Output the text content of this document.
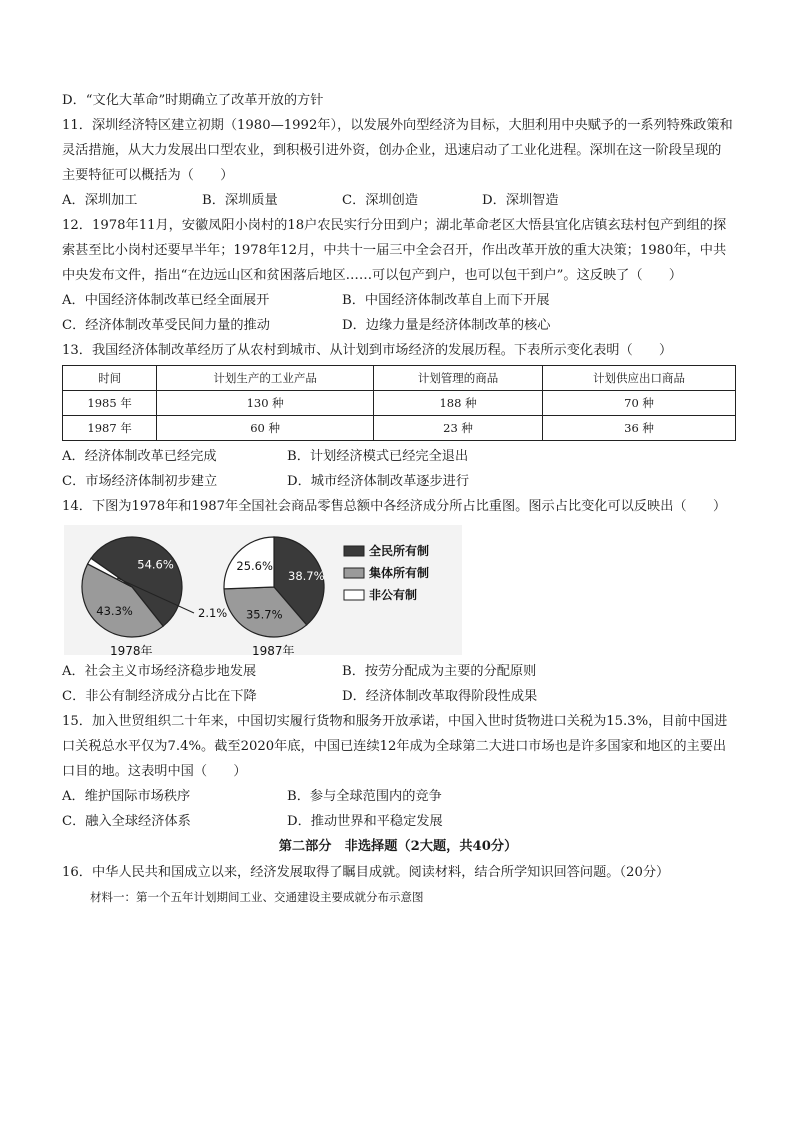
D．“文化大革命”时期确立了改革开放的方针
11．深圳经济特区建立初期（1980—1992年），以发展外向型经济为目标，大胆利用中央赋予的一系列特殊政策和灵活措施，从大力发展出口型农业，到积极引进外资，创办企业，迅速启动了工业化进程。深圳在这一阶段呈现的主要特征可以概括为（　　）
A．深圳加工	B．深圳质量	C．深圳创造	D．深圳智造
12．1978年11月，安徽凤阳小岗村的18户农民实行分田到户；湖北革命老区大悟县宜化店镇玄珐村包产到组的探索甚至比小岗村还要早半年；1978年12月，中共十一届三中全会召开，作出改革开放的重大决策；1980年，中共中央发布文件，指出“在边远山区和贫困落后地区……可以包产到户，也可以包干到户”。这反映了（　　）
A．中国经济体制改革已经全面展开	B．中国经济体制改革自上而下开展
C．经济体制改革受民间力量的推动	D．边缘力量是经济体制改革的核心
13．我国经济体制改革经历了从农村到城市、从计划到市场经济的发展历程。下表所示变化表明（　　）
时间	计划生产的工业产品	计划管理的商品	计划供应出口商品
1985 年	130 种	188 种	70 种
1987 年	60 种	23 种	36 种
A．经济体制改革已经完成	B．计划经济模式已经完全退出
C．市场经济体制初步建立	D．城市经济体制改革逐步进行
14．下图为1978年和1987年全国社会商品零售总额中各经济成分所占比重图。图示占比变化可以反映出（　　）
54.6%
43.3%	2.1%
1978年
38.7%
35.7%
25.6%
1987年
全民所有制
集体所有制
非公有制
A．社会主义市场经济稳步地发展	B．按劳分配成为主要的分配原则
C．非公有制经济成分占比在下降	D．经济体制改革取得阶段性成果
15．加入世贸组织二十年来，中国切实履行货物和服务开放承诺，中国入世时货物进口关税为15.3%，目前中国进口关税总水平仅为7.4%。截至2020年底，中国已连续12年成为全球第二大进口市场也是许多国家和地区的主要出口目的地。这表明中国（　　）
A．维护国际市场秩序	B．参与全球范围内的竞争
C．融入全球经济体系	D．推动世界和平稳定发展
第二部分　非选择题（2大题，共40分）
16．中华人民共和国成立以来，经济发展取得了瞩目成就。阅读材料，结合所学知识回答问题。（20分）
材料一：第一个五年计划期间工业、交通建设主要成就分布示意图
